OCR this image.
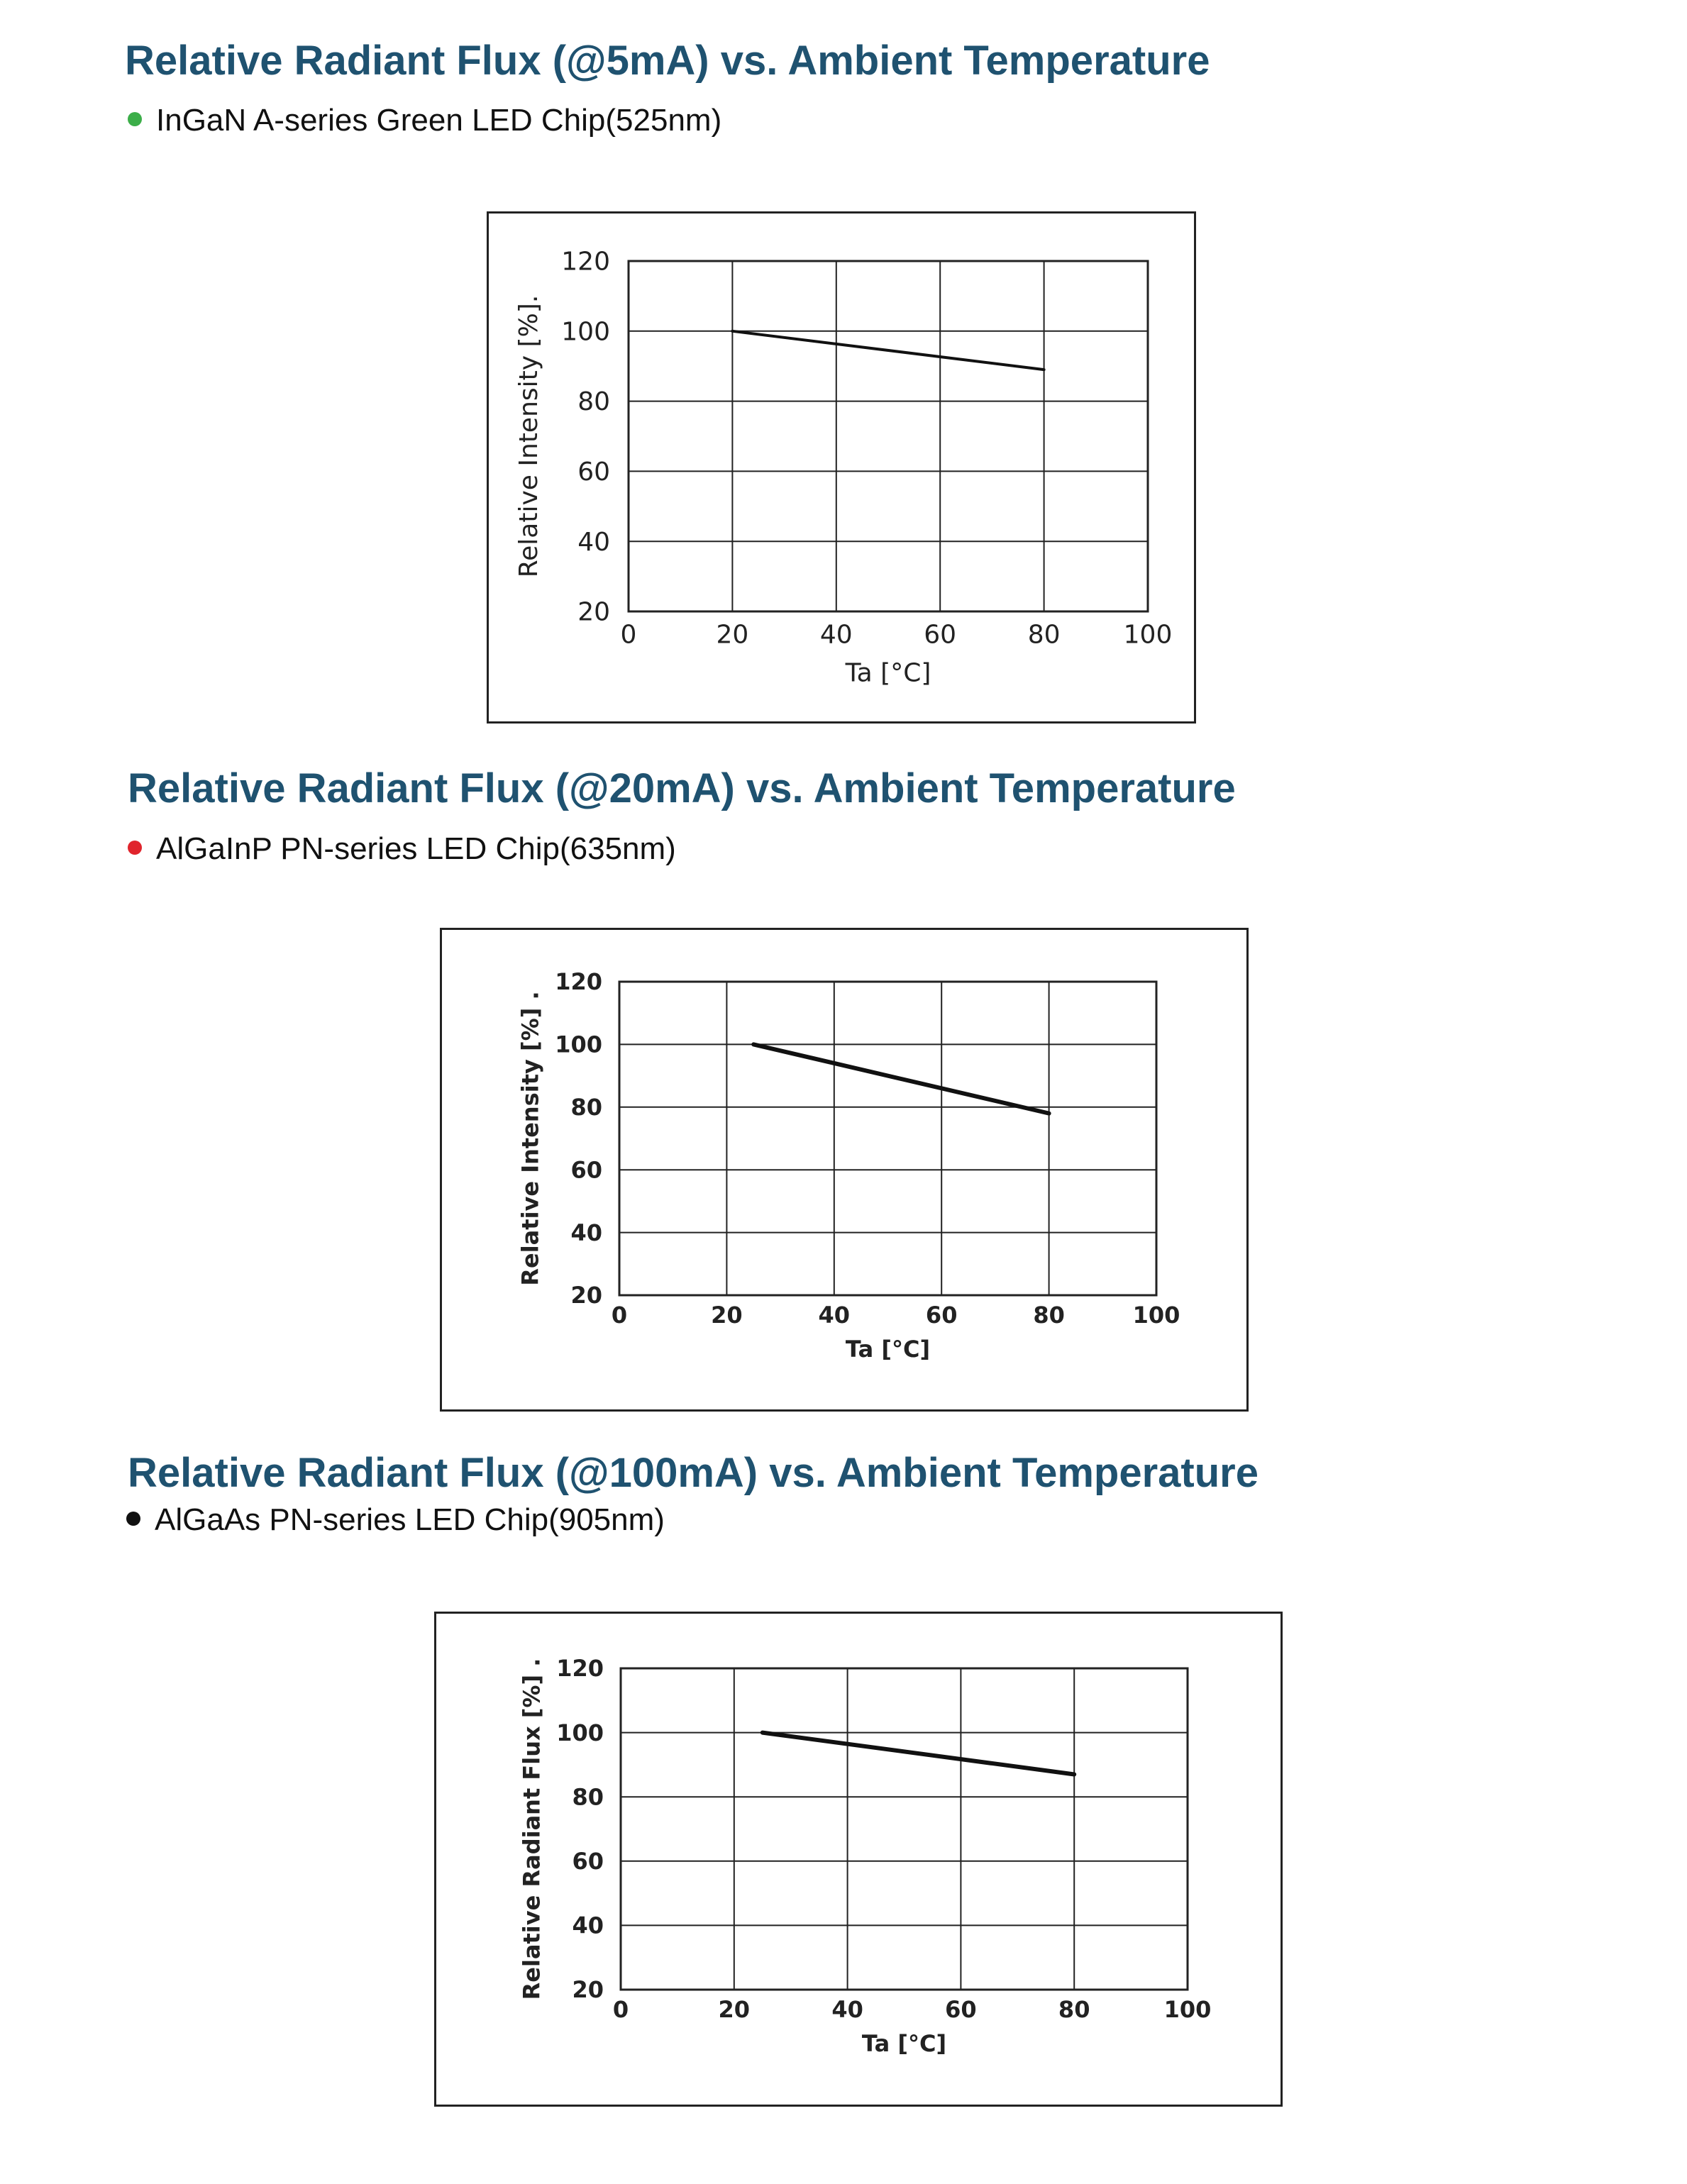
Relative Radiant Flux (@5mA) vs. Ambient Temperature
InGaN A-series Green LED Chip(525nm)
Relative Radiant Flux (@20mA) vs. Ambient Temperature
AlGaInP PN-series LED Chip(635nm)
Relative Radiant Flux (@100mA) vs. Ambient Temperature
AlGaAs PN-series LED Chip(905nm)
0	20	40	60	80 100
20
40
60
80
100
120
Ta [°C]
Relative Intensity [%].
0	20	40	60	80	100
20
40
60
80
100
120
Ta [°C]
Relative Intensity [%] .
0	20	40	60	80	100
20
40
60
80
100
120
Ta [°C]
Relative Radiant Flux [%] .
